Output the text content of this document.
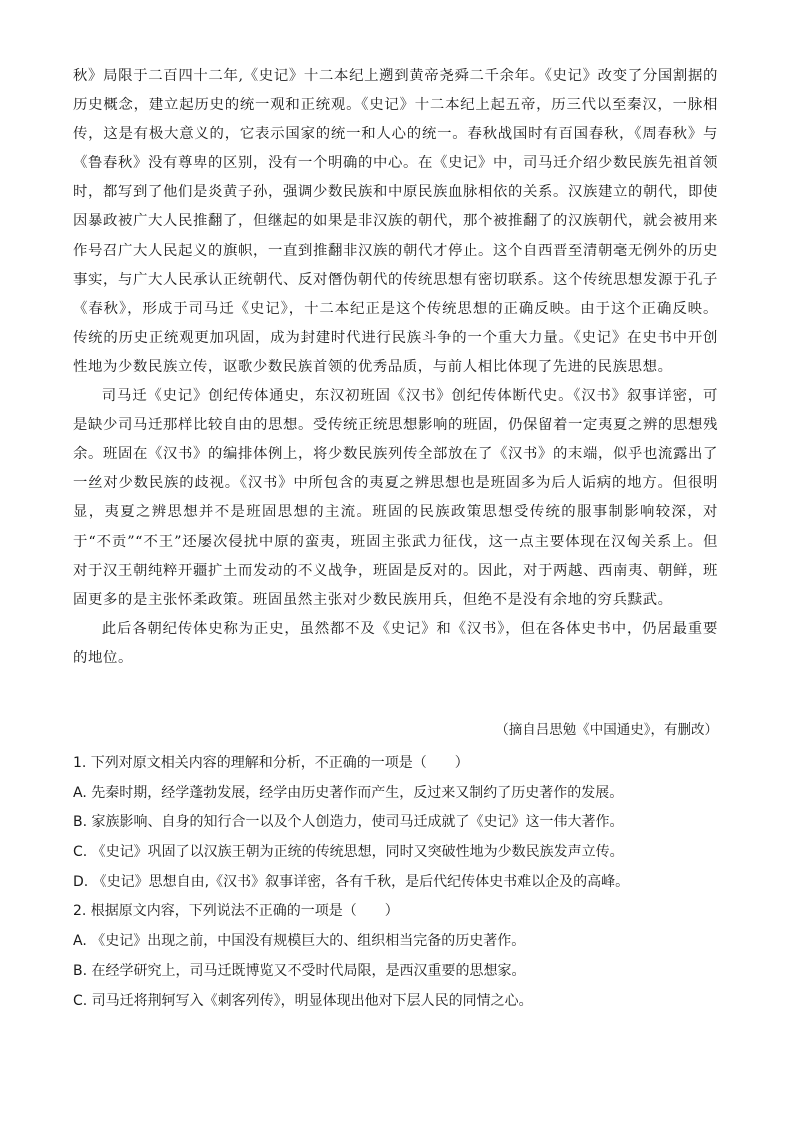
秋》局限于二百四十二年,《史记》十二本纪上遡到黄帝尧舜二千余年。《史记》改变了分国割据的历史概念，建立起历史的统一观和正统观。《史记》十二本纪上起五帝，历三代以至秦汉，一脉相传，这是有极大意义的，它表示国家的统一和人心的统一。春秋战国时有百国春秋，《周春秋》与《鲁春秋》没有尊卑的区别，没有一个明确的中心。在《史记》中，司马迁介绍少数民族先祖首领时，都写到了他们是炎黄子孙，强调少数民族和中原民族血脉相依的关系。汉族建立的朝代，即使因暴政被广大人民推翻了，但继起的如果是非汉族的朝代，那个被推翻了的汉族朝代，就会被用来作号召广大人民起义的旗帜，一直到推翻非汉族的朝代才停止。这个自西晋至清朝毫无例外的历史事实，与广大人民承认正统朝代、反对僭伪朝代的传统思想有密切联系。这个传统思想发源于孔子《春秋》，形成于司马迁《史记》，十二本纪正是这个传统思想的正确反映。由于这个正确反映。传统的历史正统观更加巩固，成为封建时代进行民族斗争的一个重大力量。《史记》在史书中开创性地为少数民族立传，讴歌少数民族首领的优秀品质，与前人相比体现了先进的民族思想。

司马迁《史记》创纪传体通史，东汉初班固《汉书》创纪传体断代史。《汉书》叙事详密，可是缺少司马迁那样比较自由的思想。受传统正统思想影响的班固，仍保留着一定夷夏之辨的思想残余。班固在《汉书》的编排体例上，将少数民族列传全部放在了《汉书》的末端，似乎也流露出了一丝对少数民族的歧视。《汉书》中所包含的夷夏之辨思想也是班固多为后人诟病的地方。但很明显，夷夏之辨思想并不是班固思想的主流。班固的民族政策思想受传统的服事制影响较深，对于“不贡”“不王”还屡次侵扰中原的蛮夷，班固主张武力征伐，这一点主要体现在汉匈关系上。但对于汉王朝纯粹开疆扩土而发动的不义战争，班固是反对的。因此，对于两越、西南夷、朝鲜，班固更多的是主张怀柔政策。班固虽然主张对少数民族用兵，但绝不是没有余地的穷兵黩武。

此后各朝纪传体史称为正史，虽然都不及《史记》和《汉书》，但在各体史书中，仍居最重要的地位。

（摘自吕思勉《中国通史》，有删改）
1. 下列对原文相关内容的理解和分析，不正确的一项是（　　）
A. 先秦时期，经学蓬勃发展，经学由历史著作而产生，反过来又制约了历史著作的发展。
B. 家族影响、自身的知行合一以及个人创造力，使司马迁成就了《史记》这一伟大著作。
C. 《史记》巩固了以汉族王朝为正统的传统思想，同时又突破性地为少数民族发声立传。
D. 《史记》思想自由,《汉书》叙事详密，各有千秋，是后代纪传体史书难以企及的高峰。
2. 根据原文内容，下列说法不正确的一项是（　　）
A. 《史记》出现之前，中国没有规模巨大的、组织相当完备的历史著作。
B. 在经学研究上，司马迁既博览又不受时代局限，是西汉重要的思想家。
C. 司马迁将荆轲写入《刺客列传》，明显体现出他对下层人民的同情之心。
